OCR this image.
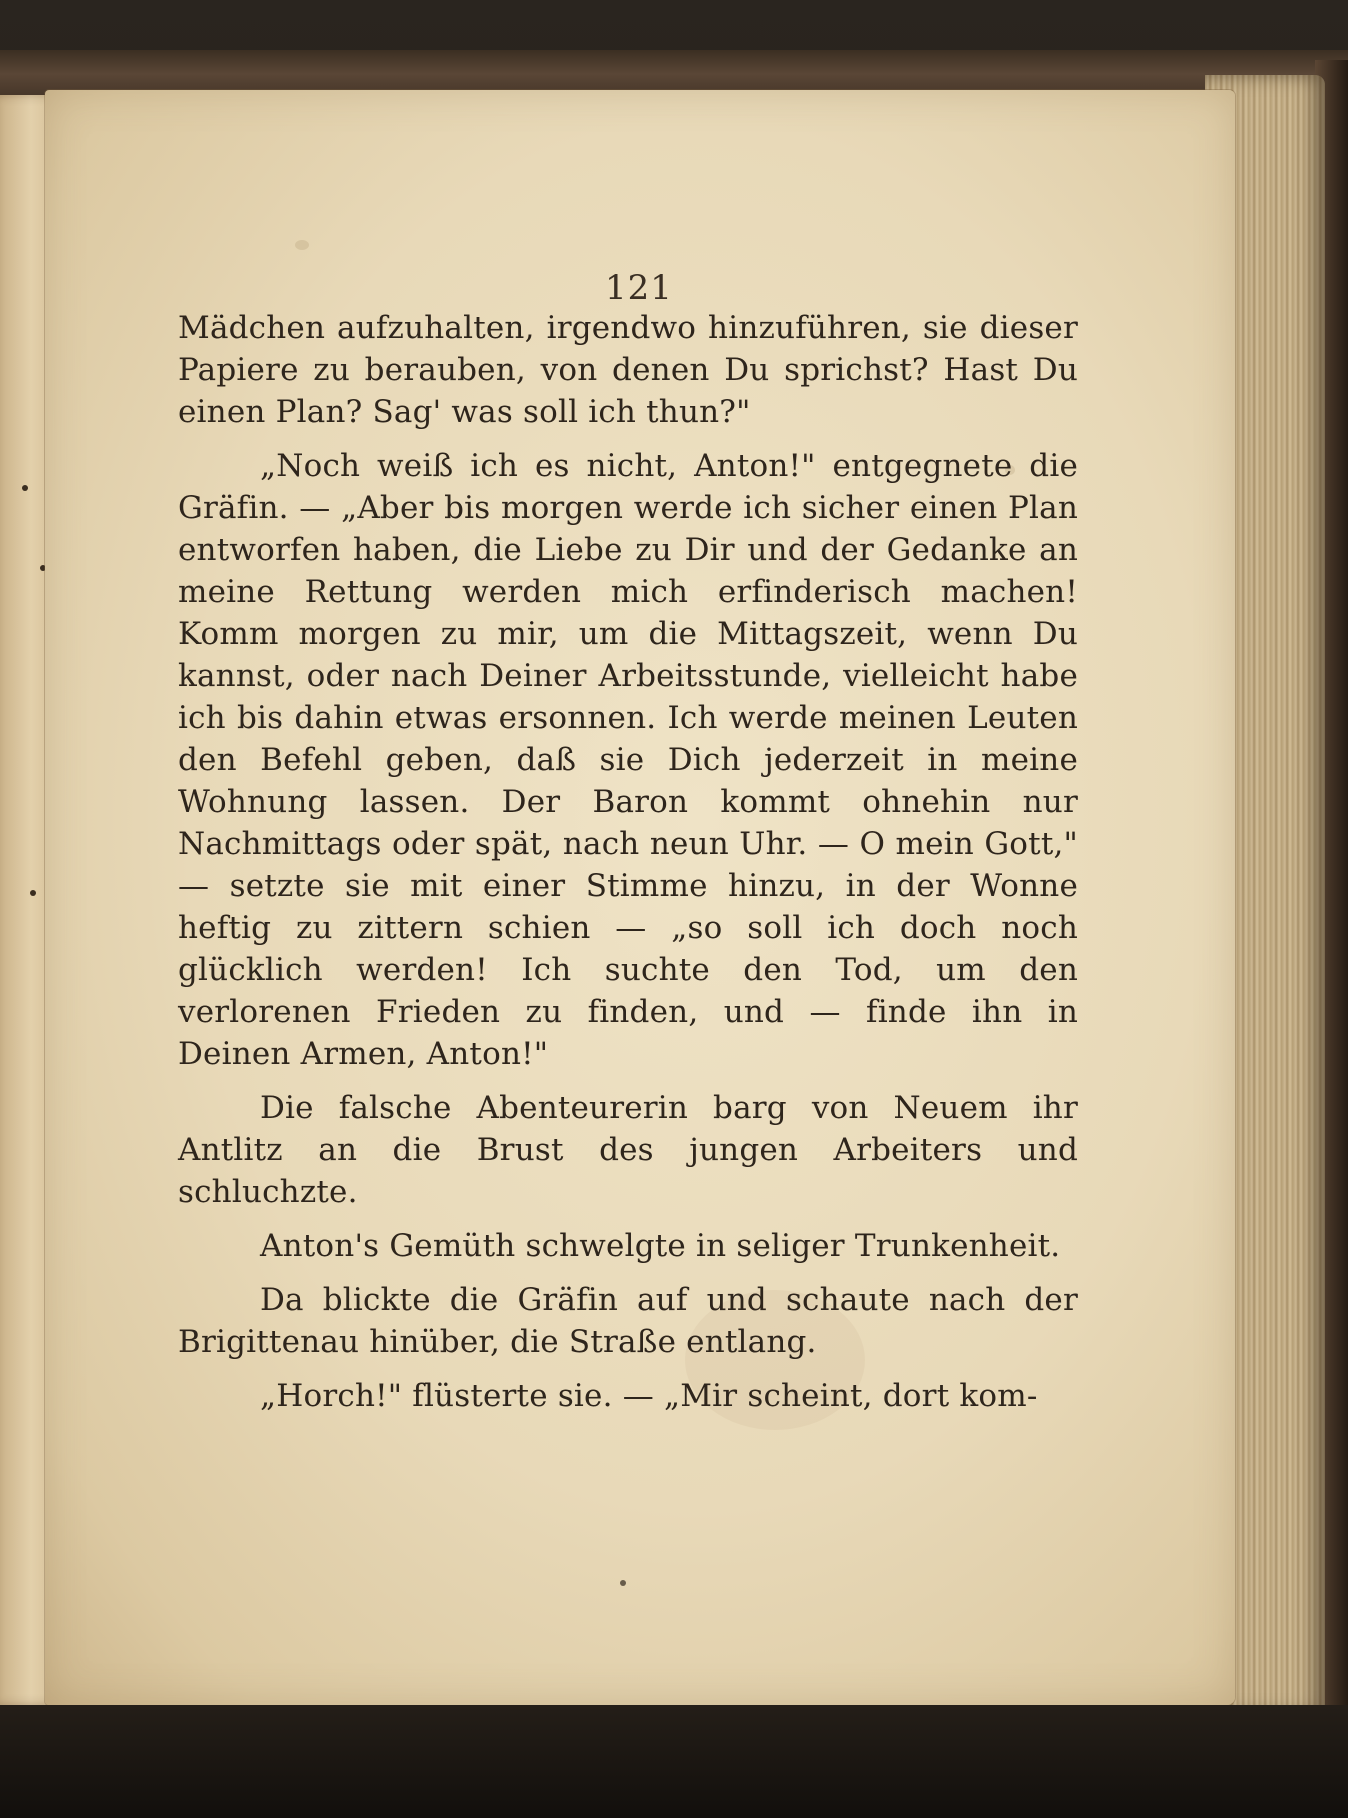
121

Mädchen aufzuhalten, irgendwo hinzuführen, sie dieser Papiere zu berauben, von denen Du sprichst? Hast Du einen Plan? Sag' was soll ich thun?"

„Noch weiß ich es nicht, Anton!" entgegnete die Gräfin. — „Aber bis morgen werde ich sicher einen Plan entworfen haben, die Liebe zu Dir und der Gedanke an meine Rettung werden mich erfinderisch machen! Komm morgen zu mir, um die Mittagszeit, wenn Du kannst, oder nach Deiner Arbeitsstunde, vielleicht habe ich bis dahin etwas ersonnen. Ich werde meinen Leuten den Befehl geben, daß sie Dich jederzeit in meine Wohnung lassen. Der Baron kommt ohnehin nur Nachmittags oder spät, nach neun Uhr. — O mein Gott," — setzte sie mit einer Stimme hinzu, in der Wonne heftig zu zittern schien — „so soll ich doch noch glücklich werden! Ich suchte den Tod, um den verlorenen Frieden zu finden, und — finde ihn in Deinen Armen, Anton!"

Die falsche Abenteurerin barg von Neuem ihr Antlitz an die Brust des jungen Arbeiters und schluchzte.

Anton's Gemüth schwelgte in seliger Trunkenheit.

Da blickte die Gräfin auf und schaute nach der Brigittenau hinüber, die Straße entlang.

„Horch!" flüsterte sie. — „Mir scheint, dort kom-
